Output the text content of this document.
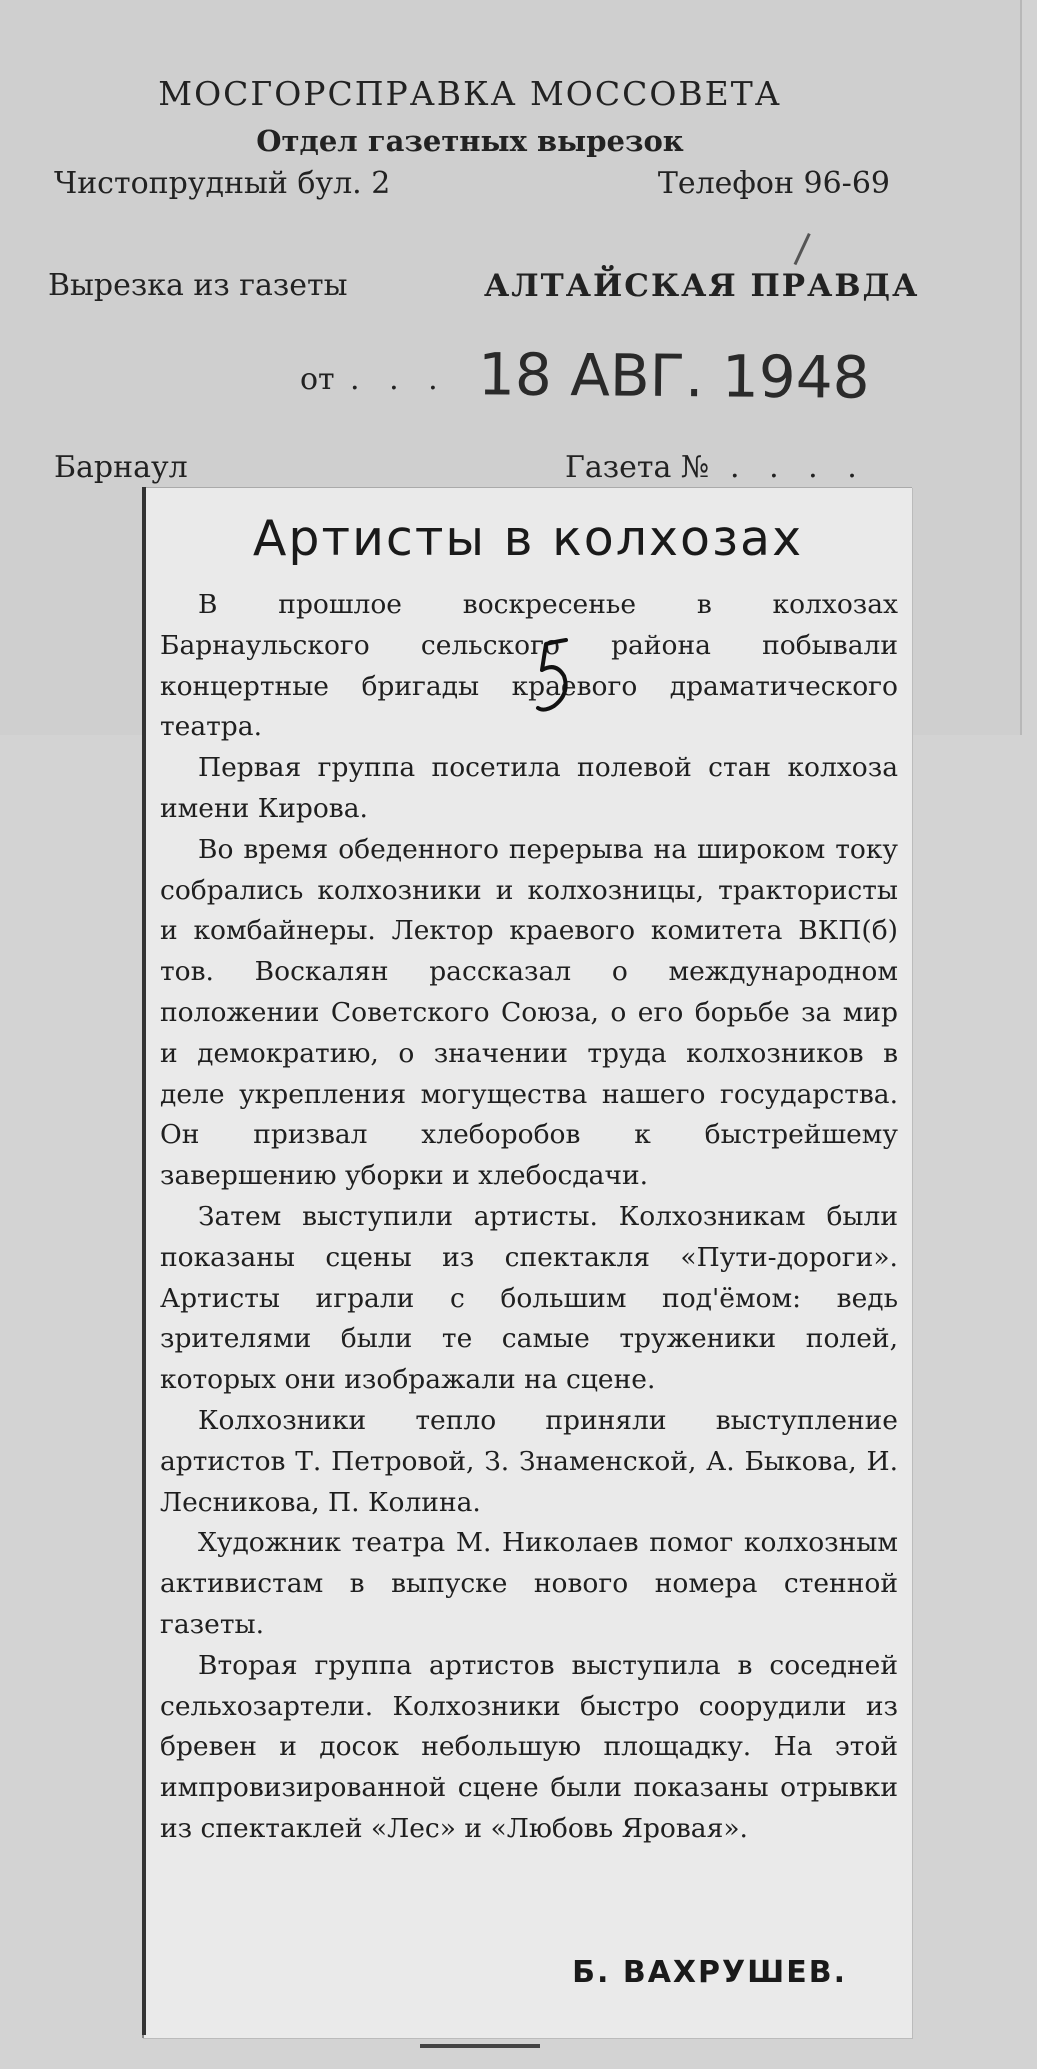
МОСГОРСПРАВКА МОССОВЕТА
Отдел газетных вырезок
Чистопрудный бул. 2	Телефон 96-69
Вырезка из газеты	АЛТАЙСКАЯ ПРАВДА
от . . . 18 АВГ. 1948
Барнаул	Газета № . . . .
Артисты в колхозах

В прошлое воскресенье в колхозах Барнаульского сельского района побывали концертные бригады краевого драматического театра.

Первая группа посетила полевой стан колхоза имени Кирова.

Во время обеденного перерыва на широком току собрались колхозники и колхозницы, трактористы и комбайнеры. Лектор краевого комитета ВКП(б) тов. Воскалян рассказал о международном положении Советского Союза, о его борьбе за мир и демократию, о значении труда колхозников в деле укрепления могущества нашего государства. Он призвал хлеборобов к быстрейшему завершению уборки и хлебосдачи.

Затем выступили артисты. Колхозникам были показаны сцены из спектакля «Пути-дороги». Артисты играли с большим под'ёмом: ведь зрителями были те самые труженики полей, которых они изображали на сцене.

Колхозники тепло приняли выступление артистов Т. Петровой, З. Знаменской, А. Быкова, И. Лесникова, П. Колина.

Художник театра М. Николаев помог колхозным активистам в выпуске нового номера стенной газеты.

Вторая группа артистов выступила в соседней сельхозартели. Колхозники быстро соорудили из бревен и досок небольшую площадку. На этой импровизированной сцене были показаны отрывки из спектаклей «Лес» и «Любовь Яровая».

Б. ВАХРУШЕВ.
